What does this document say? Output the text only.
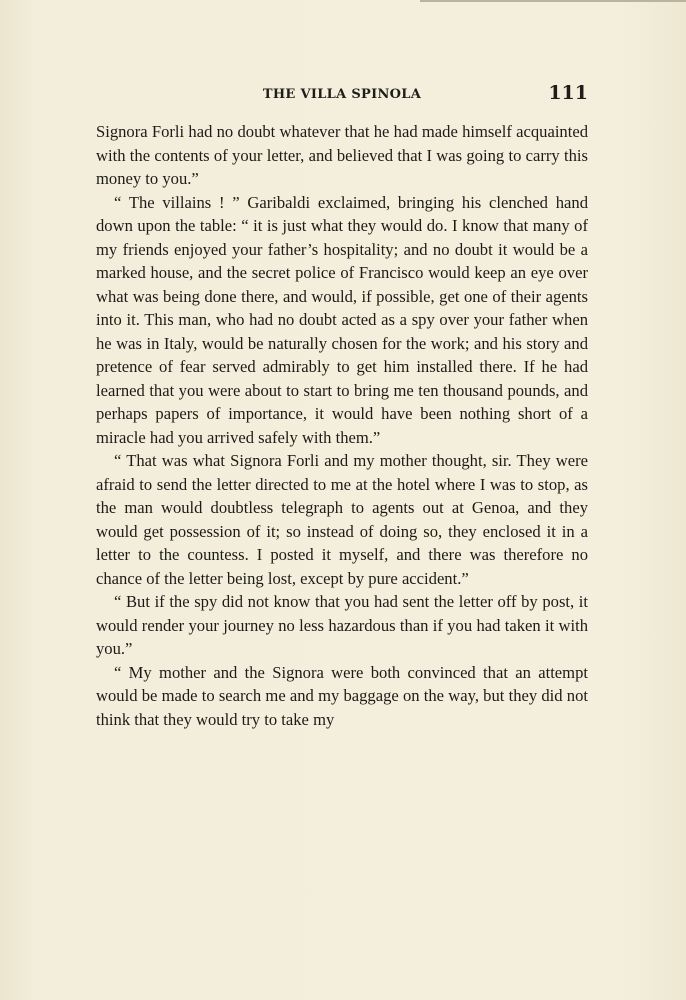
THE VILLA SPINOLA	111

Signora Forli had no doubt whatever that he had made himself acquainted with the contents of your letter, and believed that I was going to carry this money to you.”

“ The villains ! ” Garibaldi exclaimed, bringing his clenched hand down upon the table: “ it is just what they would do. I know that many of my friends enjoyed your father’s hospitality; and no doubt it would be a marked house, and the secret police of Francisco would keep an eye over what was being done there, and would, if possible, get one of their agents into it. This man, who had no doubt acted as a spy over your father when he was in Italy, would be naturally chosen for the work; and his story and pretence of fear served admirably to get him installed there. If he had learned that you were about to start to bring me ten thousand pounds, and perhaps papers of importance, it would have been nothing short of a miracle had you arrived safely with them.”

“ That was what Signora Forli and my mother thought, sir. They were afraid to send the letter directed to me at the hotel where I was to stop, as the man would doubtless telegraph to agents out at Genoa, and they would get possession of it; so instead of doing so, they enclosed it in a letter to the countess. I posted it myself, and there was therefore no chance of the letter being lost, except by pure accident.”

“ But if the spy did not know that you had sent the letter off by post, it would render your journey no less hazardous than if you had taken it with you.”

“ My mother and the Signora were both convinced that an attempt would be made to search me and my baggage on the way, but they did not think that they would try to take my
